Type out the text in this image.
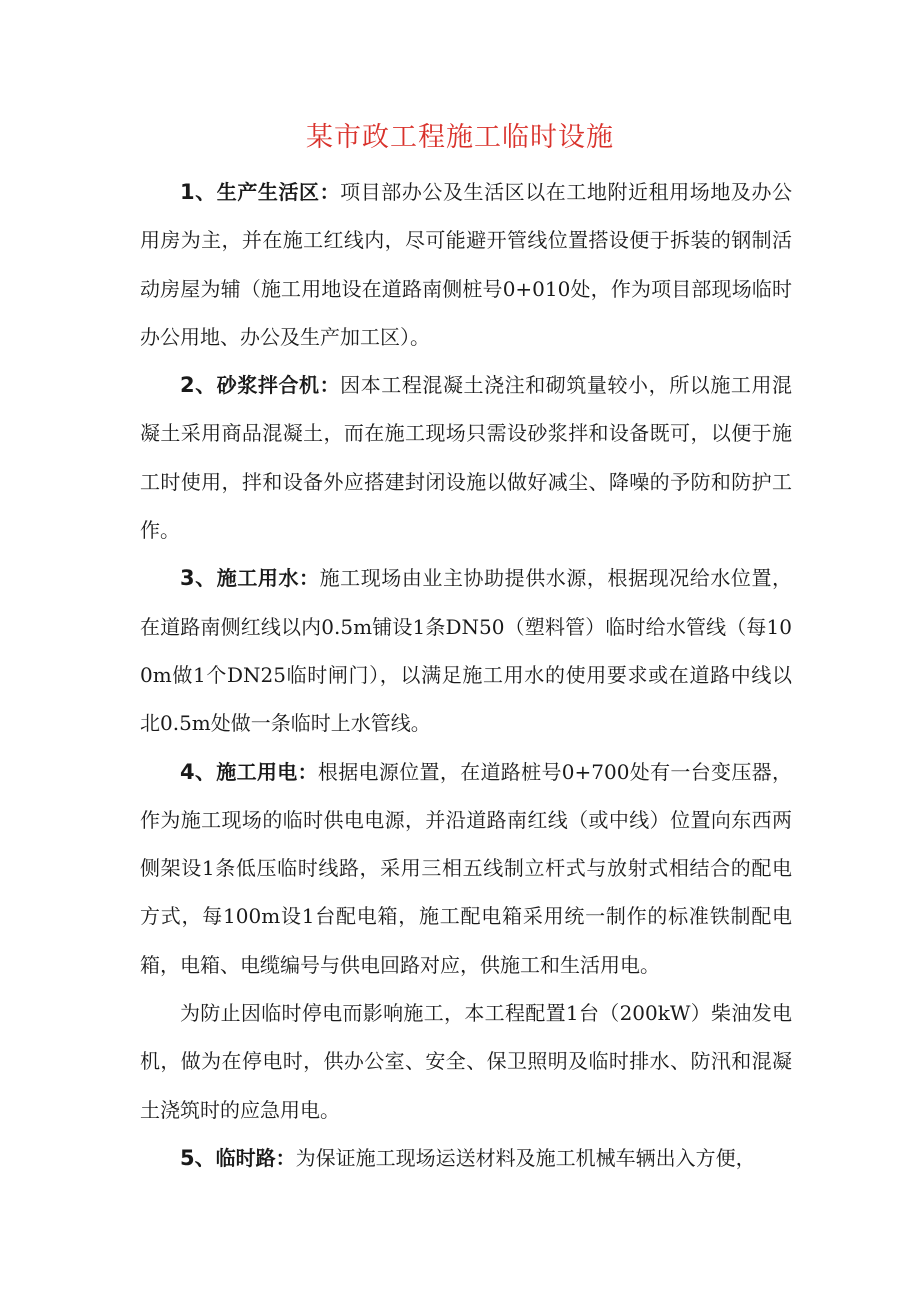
某市政工程施工临时设施

1、生产生活区：项目部办公及生活区以在工地附近租用场地及办公用房为主，并在施工红线内，尽可能避开管线位置搭设便于拆装的钢制活动房屋为辅（施工用地设在道路南侧桩号0+010处，作为项目部现场临时办公用地、办公及生产加工区）。

2、砂浆拌合机：因本工程混凝土浇注和砌筑量较小，所以施工用混凝土采用商品混凝土，而在施工现场只需设砂浆拌和设备既可，以便于施工时使用，拌和设备外应搭建封闭设施以做好减尘、降噪的予防和防护工作。

3、施工用水：施工现场由业主协助提供水源，根据现况给水位置，在道路南侧红线以内0.5m铺设1条DN50（塑料管）临时给水管线（每100m做1个DN25临时闸门），以满足施工用水的使用要求或在道路中线以北0.5m处做一条临时上水管线。

4、施工用电：根据电源位置，在道路桩号0+700处有一台变压器，作为施工现场的临时供电电源，并沿道路南红线（或中线）位置向东西两侧架设1条低压临时线路，采用三相五线制立杆式与放射式相结合的配电方式，每100m设1台配电箱，施工配电箱采用统一制作的标准铁制配电箱，电箱、电缆编号与供电回路对应，供施工和生活用电。

为防止因临时停电而影响施工，本工程配置1台（200kW）柴油发电机，做为在停电时，供办公室、安全、保卫照明及临时排水、防汛和混凝土浇筑时的应急用电。

5、临时路：为保证施工现场运送材料及施工机械车辆出入方便，
